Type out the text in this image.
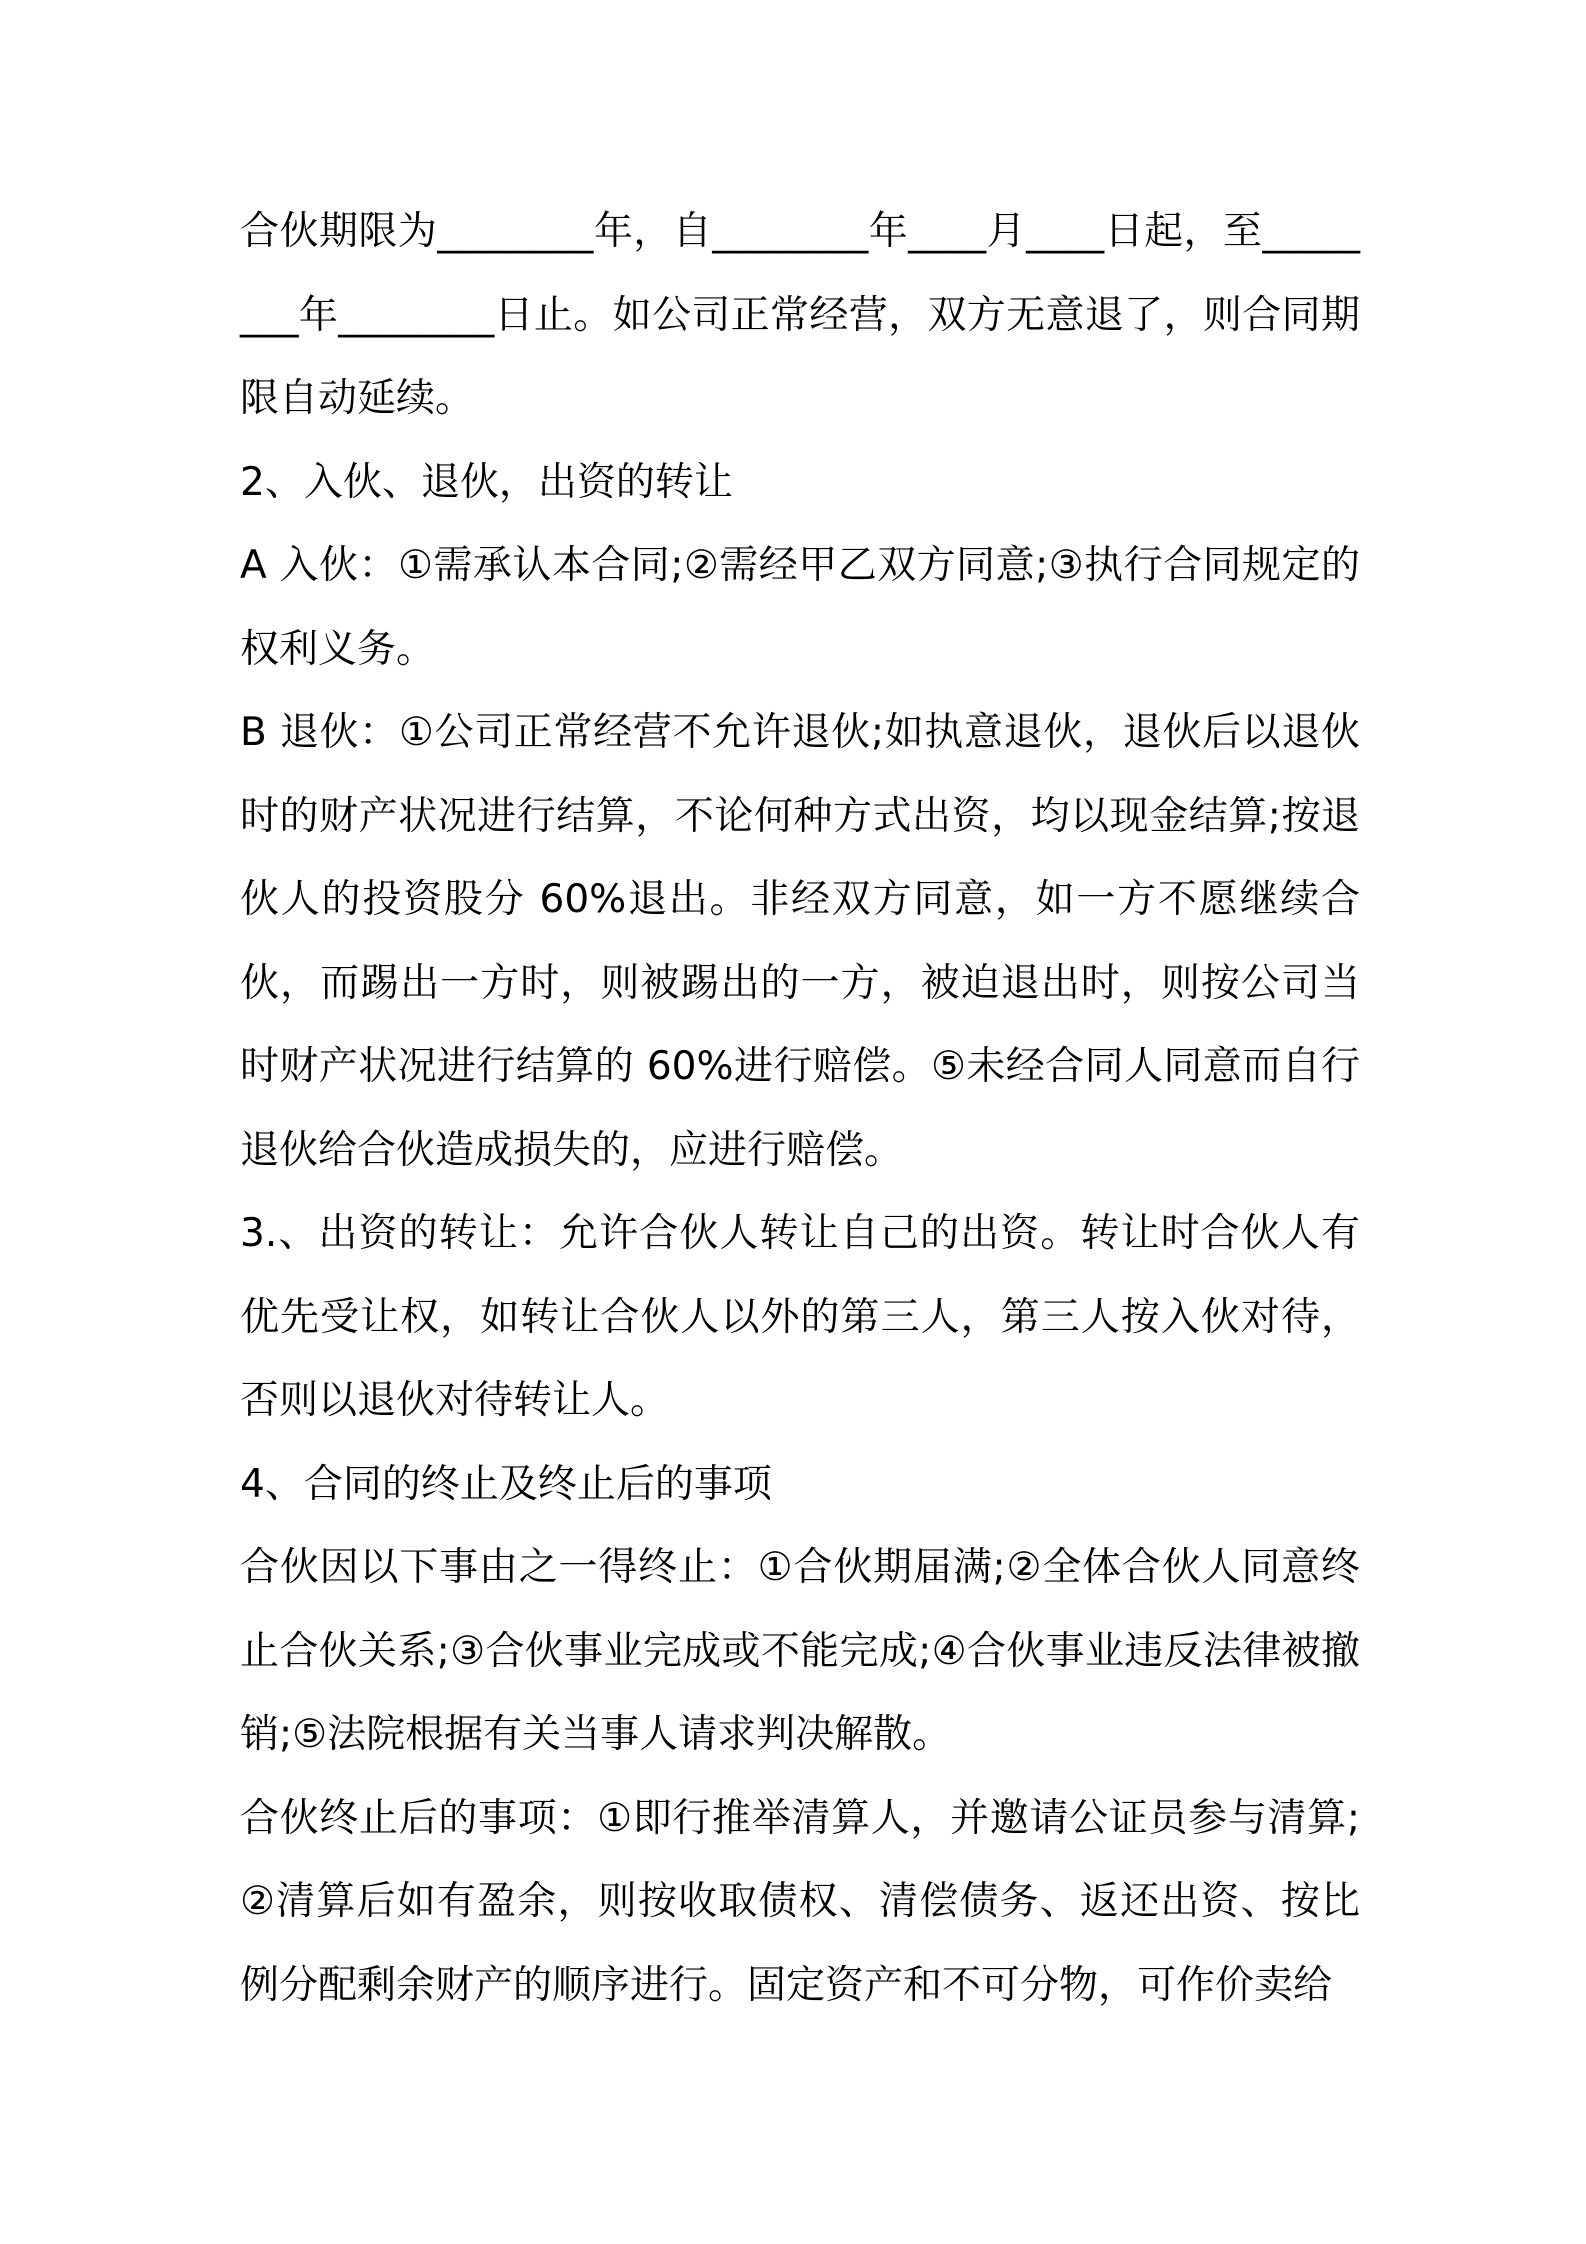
合伙期限为________年，自________年____月____日起，至________年________日止。如公司正常经营，双方无意退了，则合同期限自动延续。

2、入伙、退伙，出资的转让

A 入伙：①需承认本合同;②需经甲乙双方同意;③执行合同规定的权利义务。

B 退伙：①公司正常经营不允许退伙;如执意退伙，退伙后以退伙时的财产状况进行结算，不论何种方式出资，均以现金结算;按退伙人的投资股分 60%退出。非经双方同意，如一方不愿继续合伙，而踢出一方时，则被踢出的一方，被迫退出时，则按公司当时财产状况进行结算的 60%进行赔偿。⑤未经合同人同意而自行退伙给合伙造成损失的，应进行赔偿。

3.、出资的转让：允许合伙人转让自己的出资。转让时合伙人有优先受让权，如转让合伙人以外的第三人，第三人按入伙对待，否则以退伙对待转让人。

4、合同的终止及终止后的事项

合伙因以下事由之一得终止：①合伙期届满;②全体合伙人同意终止合伙关系;③合伙事业完成或不能完成;④合伙事业违反法律被撤销;⑤法院根据有关当事人请求判决解散。

合伙终止后的事项：①即行推举清算人，并邀请公证员参与清算;②清算后如有盈余，则按收取债权、清偿债务、返还出资、按比例分配剩余财产的顺序进行。固定资产和不可分物，可作价卖给
